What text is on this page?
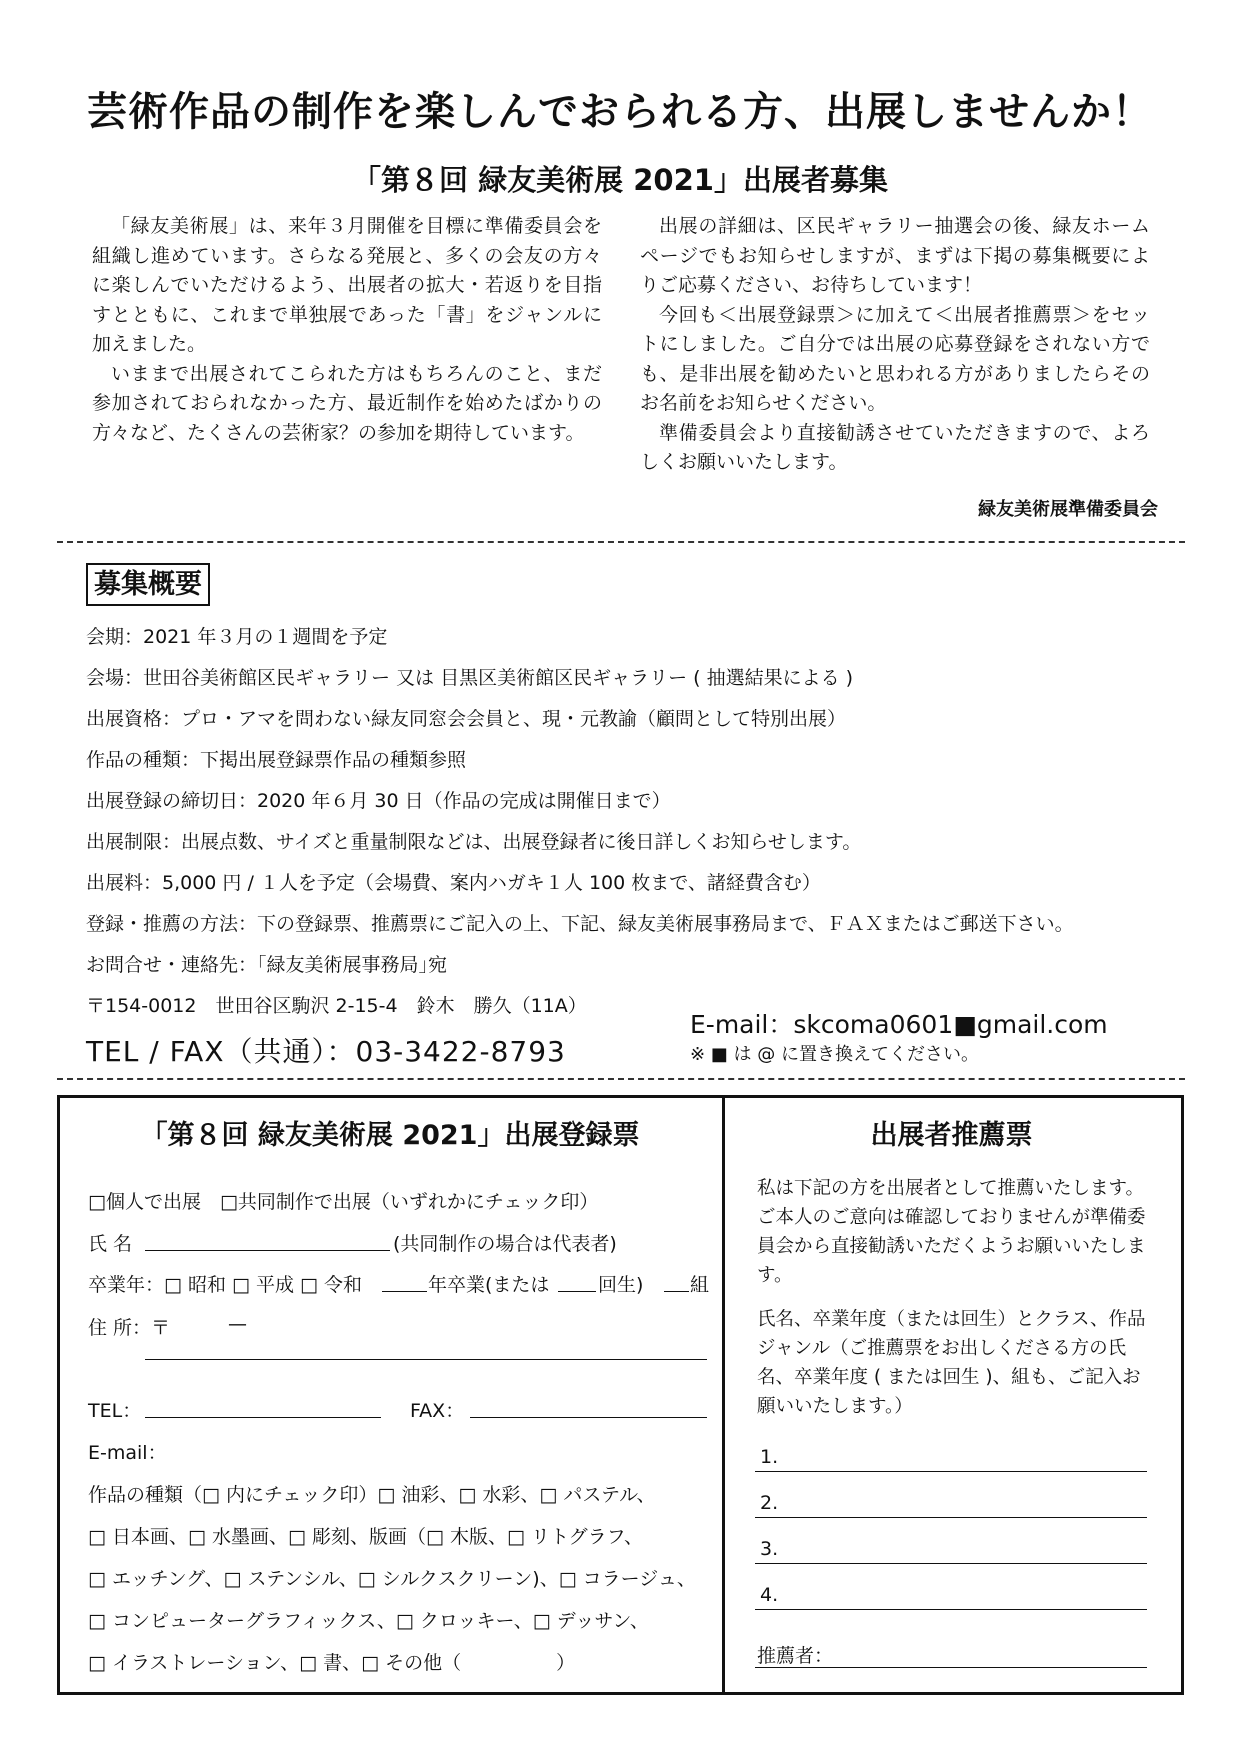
芸術作品の制作を楽しんでおられる方、出展しませんか！
「第８回 緑友美術展 2021」出展者募集

「緑友美術展」は、来年３月開催を目標に準備委員会を組織し進めています。さらなる発展と、多くの会友の方々に楽しんでいただけるよう、出展者の拡大・若返りを目指すとともに、これまで単独展であった「書」をジャンルに加えました。

いままで出展されてこられた方はもちろんのこと、まだ参加されておられなかった方、最近制作を始めたばかりの方々など、たくさんの芸術家？の参加を期待しています。

出展の詳細は、区民ギャラリー抽選会の後、緑友ホームページでもお知らせしますが、まずは下掲の募集概要によりご応募ください、お待ちしています！

今回も＜出展登録票＞に加えて＜出展者推薦票＞をセットにしました。ご自分では出展の応募登録をされない方でも、是非出展を勧めたいと思われる方がありましたらそのお名前をお知らせください。

準備委員会より直接勧誘させていただきますので、よろしくお願いいたします。

緑友美術展準備委員会
募集概要
会期：2021 年３月の１週間を予定
会場：世田谷美術館区民ギャラリー 又は 目黒区美術館区民ギャラリー ( 抽選結果による )
出展資格：プロ・アマを問わない緑友同窓会会員と、現・元教諭（顧問として特別出展）
作品の種類：下掲出展登録票作品の種類参照
出展登録の締切日：2020 年６月 30 日（作品の完成は開催日まで）
出展制限：出展点数、サイズと重量制限などは、出展登録者に後日詳しくお知らせします。
出展料：5,000 円 / １人を予定（会場費、案内ハガキ１人 100 枚まで、諸経費含む）
登録・推薦の方法：下の登録票、推薦票にご記入の上、下記、緑友美術展事務局まで、ＦＡＸまたはご郵送下さい。
お問合せ・連絡先：｢緑友美術展事務局｣宛
〒154-0012　世田谷区駒沢 2-15-4　鈴木　勝久（11A）
E-mail：skcoma0601■gmail.com
※ ■ は @ に置き換えてください。
TEL / FAX（共通）：03-3422-8793
「第８回 緑友美術展 2021」出展登録票
□個人で出展　□共同制作で出展（いずれかにチェック印）
氏 名	(共同制作の場合は代表者)
卒業年：□ 昭和 □ 平成 □ 令和	年卒業(または	回生) 組
住 所：〒	—
TEL：	FAX：
E-mail：
作品の種類（□ 内にチェック印）□ 油彩、□ 水彩、□ パステル、
□ 日本画、□ 水墨画、□ 彫刻、版画（□ 木版、□ リトグラフ、
□ エッチング、□ ステンシル、□ シルクスクリーン)、□ コラージュ、
□ コンピューターグラフィックス、□ クロッキー、□ デッサン、
□ イラストレーション、□ 書、□ その他（　　　　　）
出展者推薦票

私は下記の方を出展者として推薦いたします。ご本人のご意向は確認しておりませんが準備委員会から直接勧誘いただくようお願いいたします。

氏名、卒業年度（または回生）とクラス、作品ジャンル（ご推薦票をお出しくださる方の氏名、卒業年度 ( または回生 )、組も、ご記入お願いいたします。）

1.
2.
3.
4.
推薦者：
